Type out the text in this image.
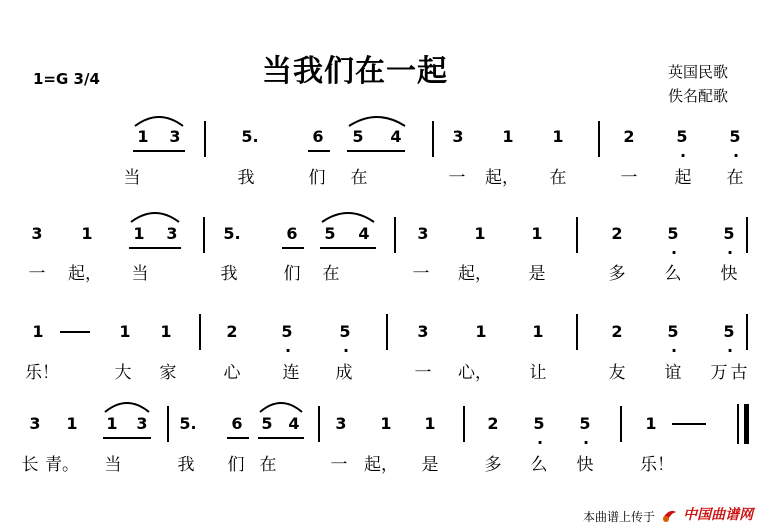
当我们在一起
1=G 3/4	英国民歌
佚名配歌
1	3	5.	6	5	4	3	1	1	2	5
.
5
.
当	我	们 在	一 起， 在	一 起 在
3	1	1	3	5.	6	5	4	3	1	1	2	5
.
5
.
一 起， 当	我	们 在	一 起， 是	多 么 快
1	1	1	2	5
.
5
.
3	1	1	2	5
.
5
.
乐！	大 家	心 连 成	一 心， 让	友 谊 万 古
3	1	1	3	5.	6	5 4	3	1	1	2	5
.
5
.
1
长 青。 当	我 们 在	一 起， 是	多 么 快	乐！
本曲谱上传于	中国曲谱网
